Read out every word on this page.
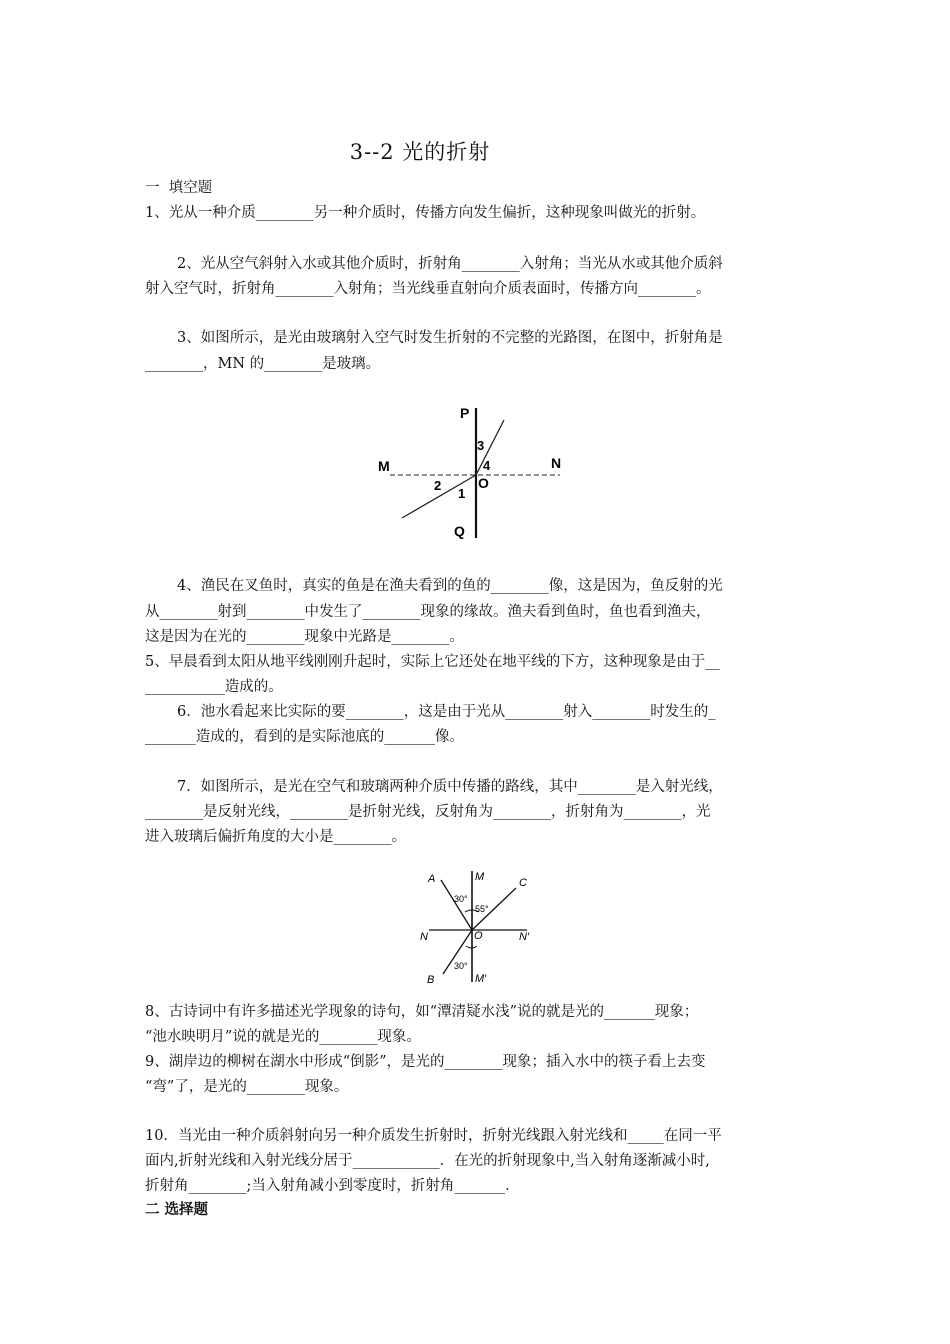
3--2 光的折射
一  填空题
1、光从一种介质________另一种介质时，传播方向发生偏折，这种现象叫做光的折射。
2、光从空气斜射入水或其他介质时，折射角________入射角；当光从水或其他介质斜
射入空气时，折射角________入射角；当光线垂直射向介质表面时，传播方向________。
3、如图所示，是光由玻璃射入空气时发生折射的不完整的光路图，在图中，折射角是
________，MN 的________是玻璃。
P
Q
M	N
O
1
2
3
4
4、渔民在叉鱼时，真实的鱼是在渔夫看到的鱼的________像，这是因为，鱼反射的光
从________射到________中发生了________现象的缘故。渔夫看到鱼时，鱼也看到渔夫，
这是因为在光的________现象中光路是________。
5、早晨看到太阳从地平线刚刚升起时，实际上它还处在地平线的下方，这种现象是由于__
___________造成的。
6．池水看起来比实际的要________，这是由于光从________射入________时发生的_
_______造成的，看到的是实际池底的_______像。
7．如图所示，是光在空气和玻璃两种介质中传播的路线，其中________是入射光线，
________是反射光线，________是折射光线，反射角为________，折射角为________，光
进入玻璃后偏折角度的大小是________。
A	C
B
M
M′
N	N′
O
30°
55°
30°
8、古诗词中有许多描述光学现象的诗句，如“潭清疑水浅”说的就是光的_______现象；
“池水映明月”说的就是光的________现象。
9、湖岸边的柳树在湖水中形成“倒影”，是光的________现象；插入水中的筷子看上去变
“弯”了，是光的________现象。
10．当光由一种介质斜射向另一种介质发生折射时，折射光线跟入射光线和_____在同一平
面内,折射光线和入射光线分居于____________．在光的折射现象中,当入射角逐渐减小时,
折射角________;当入射角减小到零度时，折射角_______．
二 选择题
